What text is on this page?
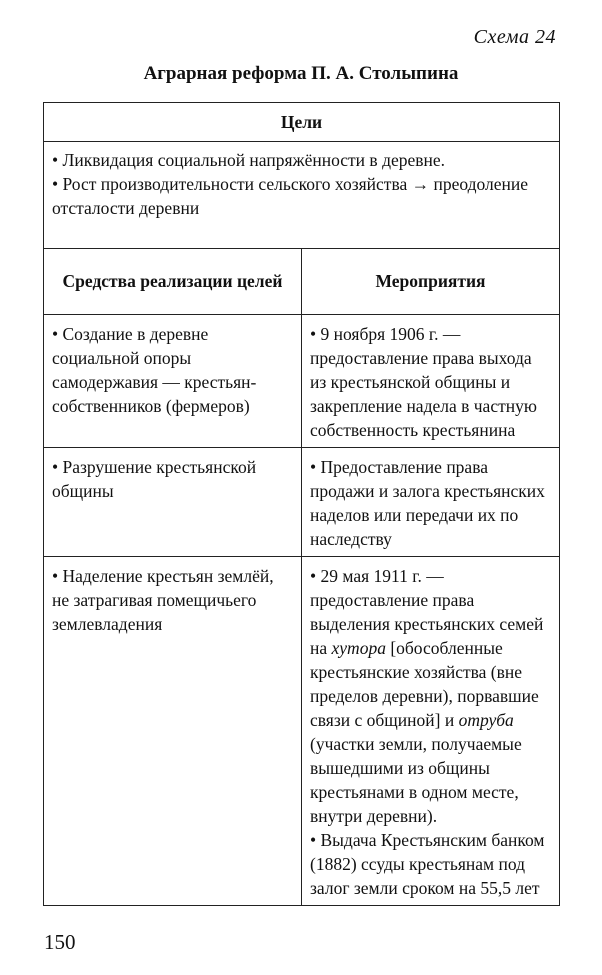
Схема 24
Аграрная реформа П. А. Столыпина
Цели	

• Ликвидация социальной напряжённости в деревне.

• Рост производительности сельского хозяйства → преодоление отсталости деревни	

Средства реализации целей	Мероприятия
• Создание в деревне социальной опоры самодержавия — крестьян-собственников (фермеров)	• 9 ноября 1906 г. — предоставление права выхода из крестьянской общины и закрепление надела в частную собственность крестьянина
• Разрушение крестьянской общины	• Предоставление права продажи и залога крестьянских наделов или передачи их по наследству
• Наделение крестьян землёй, не затрагивая помещичьего землевладения	• 29 мая 1911 г. — предоставление права выделения крестьянских семей на хутора [обособленные крестьянские хозяйства (вне пределов деревни), порвавшие связи с общиной] и отруба (участки земли, получаемые вышедшими из общины крестьянами в одном месте, внутри деревни).

• Выдача Крестьянским банком (1882) ссуды крестьянам под залог земли сроком на 55,5 лет

150
